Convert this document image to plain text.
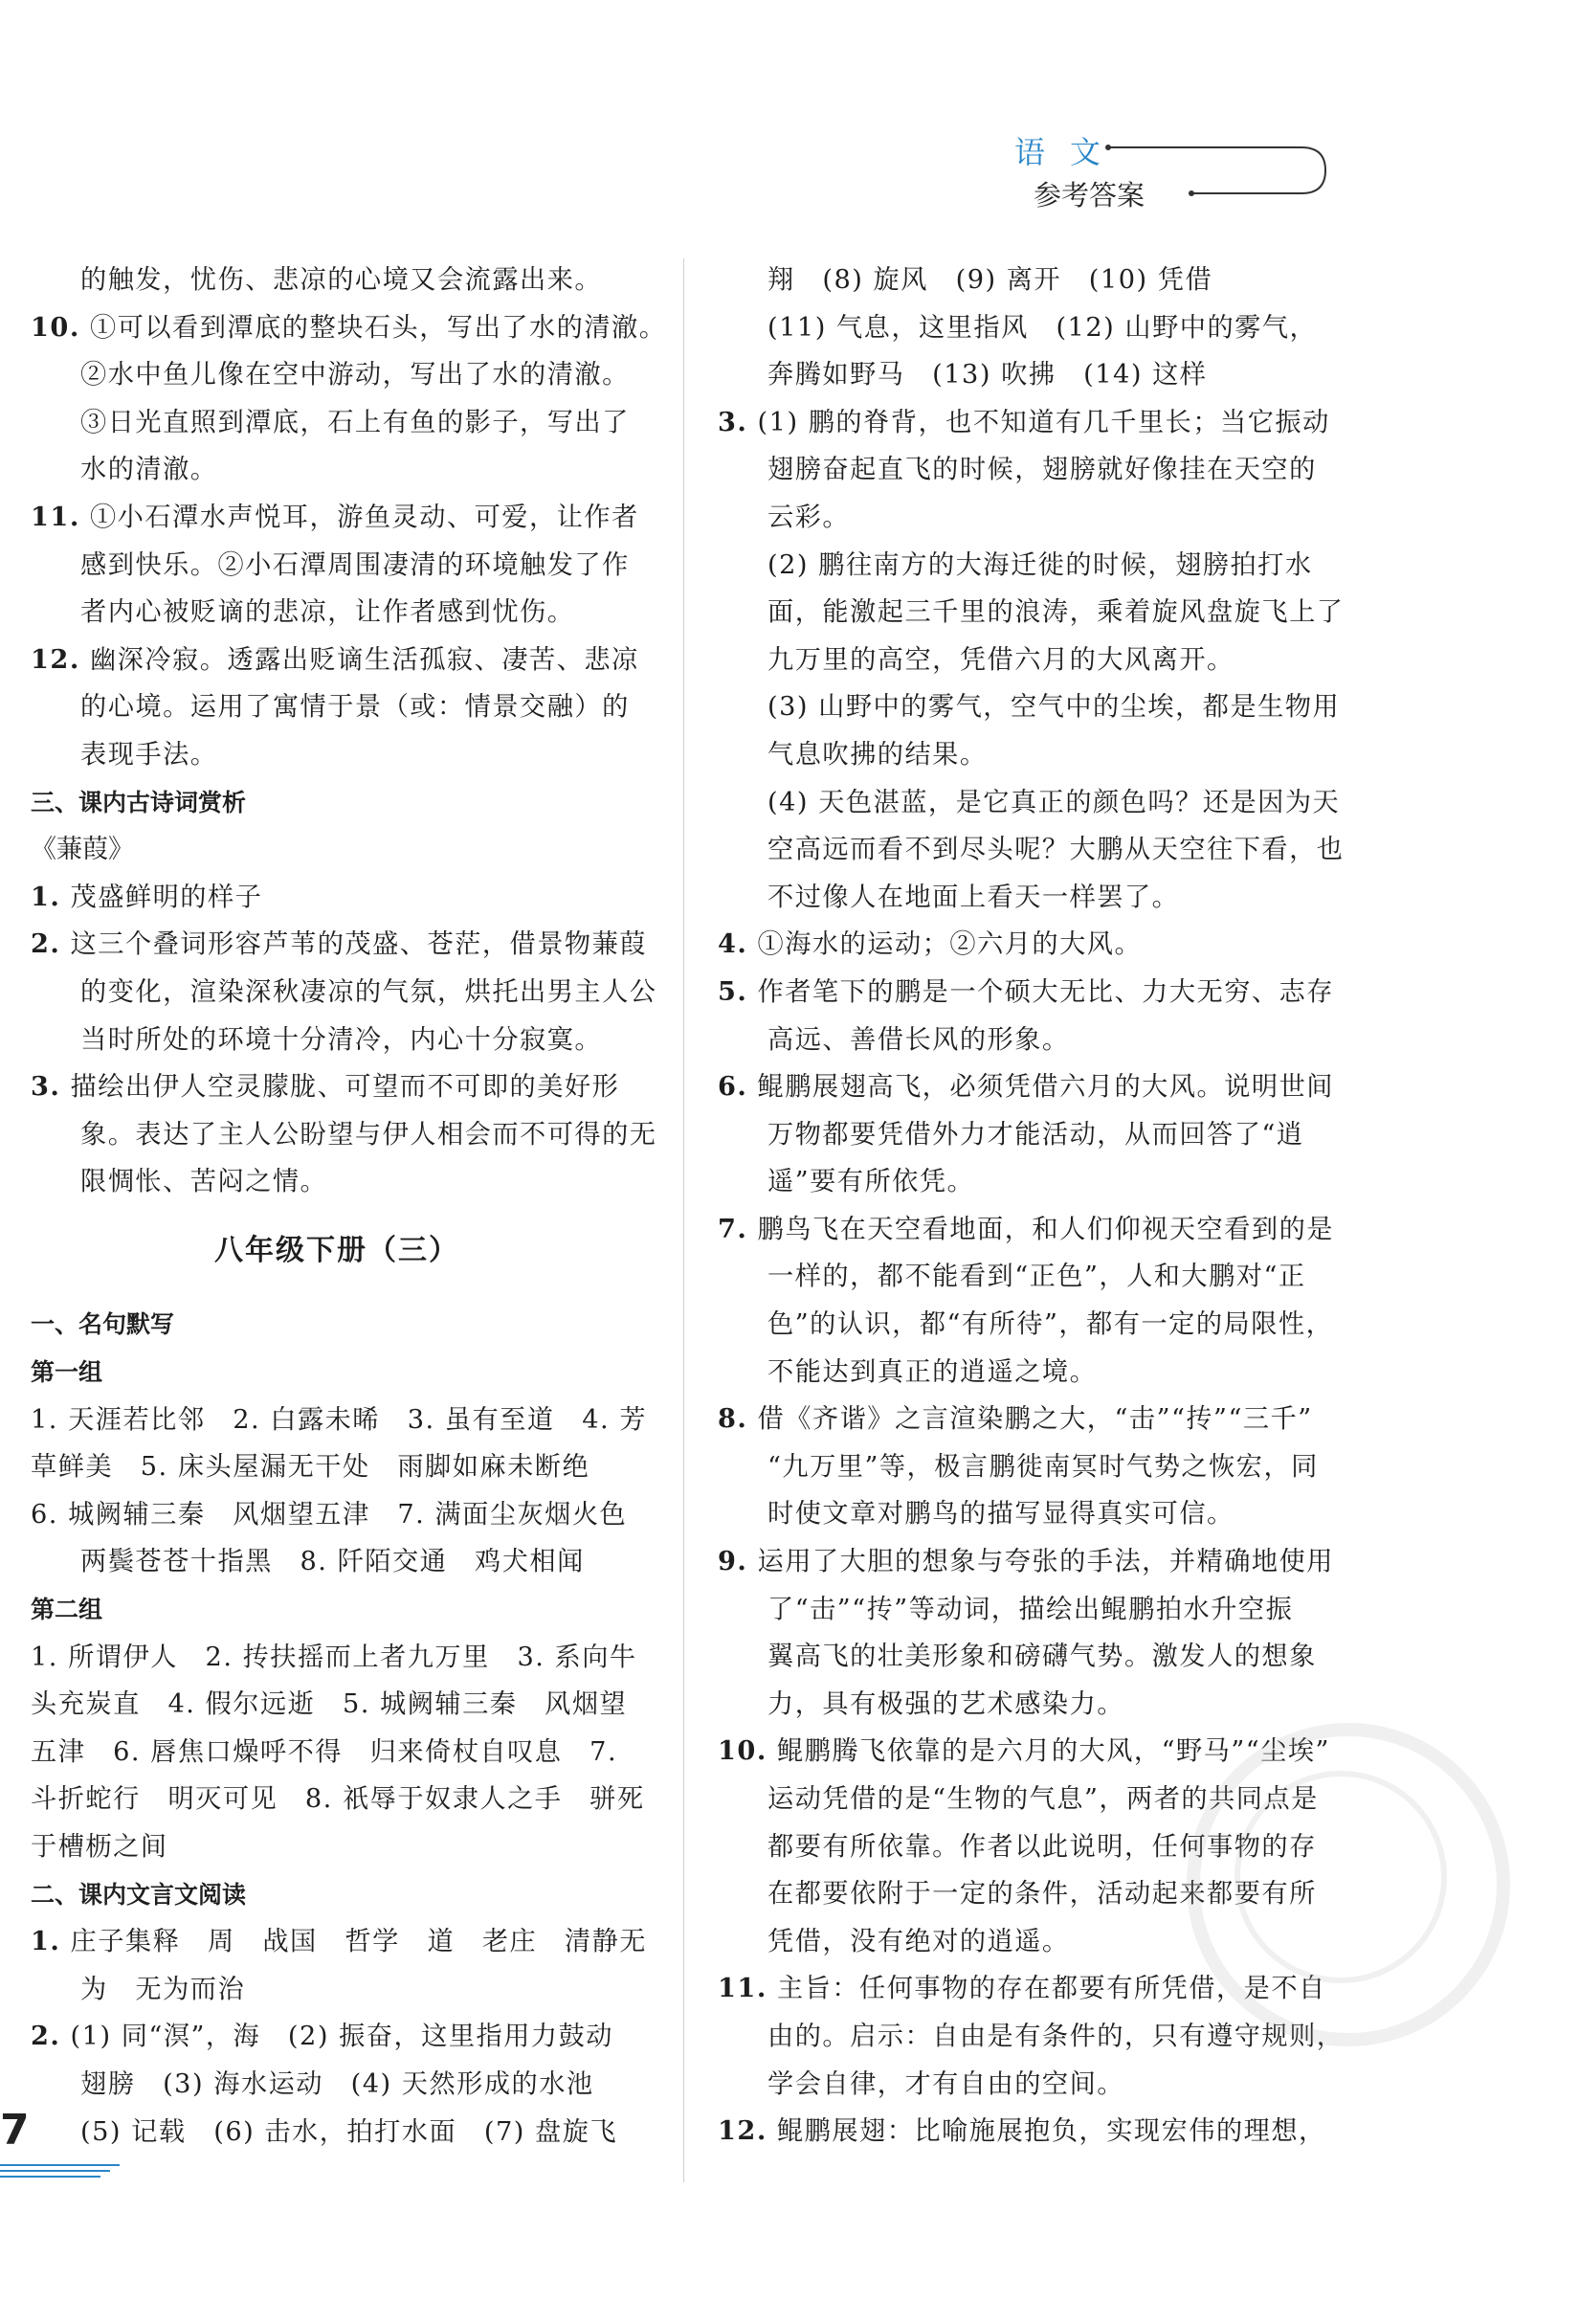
语文
参考答案
的触发，忧伤、悲凉的心境又会流露出来。
10. ①可以看到潭底的整块石头，写出了水的清澈。
②水中鱼儿像在空中游动，写出了水的清澈。
③日光直照到潭底，石上有鱼的影子，写出了
水的清澈。
11. ①小石潭水声悦耳，游鱼灵动、可爱，让作者
感到快乐。②小石潭周围凄清的环境触发了作
者内心被贬谪的悲凉，让作者感到忧伤。
12. 幽深冷寂。透露出贬谪生活孤寂、凄苦、悲凉
的心境。运用了寓情于景（或：情景交融）的
表现手法。
三、课内古诗词赏析
《蒹葭》
1. 茂盛鲜明的样子
2. 这三个叠词形容芦苇的茂盛、苍茫，借景物蒹葭
的变化，渲染深秋凄凉的气氛，烘托出男主人公
当时所处的环境十分清冷，内心十分寂寞。
3. 描绘出伊人空灵朦胧、可望而不可即的美好形
象。表达了主人公盼望与伊人相会而不可得的无
限惆怅、苦闷之情。
八年级下册（三）
一、名句默写
第一组
1. 天涯若比邻　2. 白露未晞　3. 虽有至道　4. 芳
草鲜美　5. 床头屋漏无干处　雨脚如麻未断绝
6. 城阙辅三秦　风烟望五津　7. 满面尘灰烟火色
两鬓苍苍十指黑　8. 阡陌交通　鸡犬相闻
第二组
1. 所谓伊人　2. 抟扶摇而上者九万里　3. 系向牛
头充炭直　4. 假尔远逝　5. 城阙辅三秦　风烟望
五津　6. 唇焦口燥呼不得　归来倚杖自叹息　7.
斗折蛇行　明灭可见　8. 祇辱于奴隶人之手　骈死
于槽枥之间
二、课内文言文阅读
1. 庄子集释　周　战国　哲学　道　老庄　清静无
为　无为而治
2. (1) 同“溟”，海　(2) 振奋，这里指用力鼓动
翅膀　(3) 海水运动　(4) 天然形成的水池
(5) 记载　(6) 击水，拍打水面　(7) 盘旋飞
翔　(8) 旋风　(9) 离开　(10) 凭借
(11) 气息，这里指风　(12) 山野中的雾气，
奔腾如野马　(13) 吹拂　(14) 这样
3. (1) 鹏的脊背，也不知道有几千里长；当它振动
翅膀奋起直飞的时候，翅膀就好像挂在天空的
云彩。
(2) 鹏往南方的大海迁徙的时候，翅膀拍打水
面，能激起三千里的浪涛，乘着旋风盘旋飞上了
九万里的高空，凭借六月的大风离开。
(3) 山野中的雾气，空气中的尘埃，都是生物用
气息吹拂的结果。
(4) 天色湛蓝，是它真正的颜色吗？还是因为天
空高远而看不到尽头呢？大鹏从天空往下看，也
不过像人在地面上看天一样罢了。
4. ①海水的运动；②六月的大风。
5. 作者笔下的鹏是一个硕大无比、力大无穷、志存
高远、善借长风的形象。
6. 鲲鹏展翅高飞，必须凭借六月的大风。说明世间
万物都要凭借外力才能活动，从而回答了“逍
遥”要有所依凭。
7. 鹏鸟飞在天空看地面，和人们仰视天空看到的是
一样的，都不能看到“正色”，人和大鹏对“正
色”的认识，都“有所待”，都有一定的局限性，
不能达到真正的逍遥之境。
8. 借《齐谐》之言渲染鹏之大，“击”“抟”“三千”
“九万里”等，极言鹏徙南冥时气势之恢宏，同
时使文章对鹏鸟的描写显得真实可信。
9. 运用了大胆的想象与夸张的手法，并精确地使用
了“击”“抟”等动词，描绘出鲲鹏拍水升空振
翼高飞的壮美形象和磅礴气势。激发人的想象
力，具有极强的艺术感染力。
10. 鲲鹏腾飞依靠的是六月的大风，“野马”“尘埃”
运动凭借的是“生物的气息”，两者的共同点是
都要有所依靠。作者以此说明，任何事物的存
在都要依附于一定的条件，活动起来都要有所
凭借，没有绝对的逍遥。
11. 主旨：任何事物的存在都要有所凭借，是不自
由的。启示：自由是有条件的，只有遵守规则，
学会自律，才有自由的空间。
12. 鲲鹏展翅：比喻施展抱负，实现宏伟的理想，
7
